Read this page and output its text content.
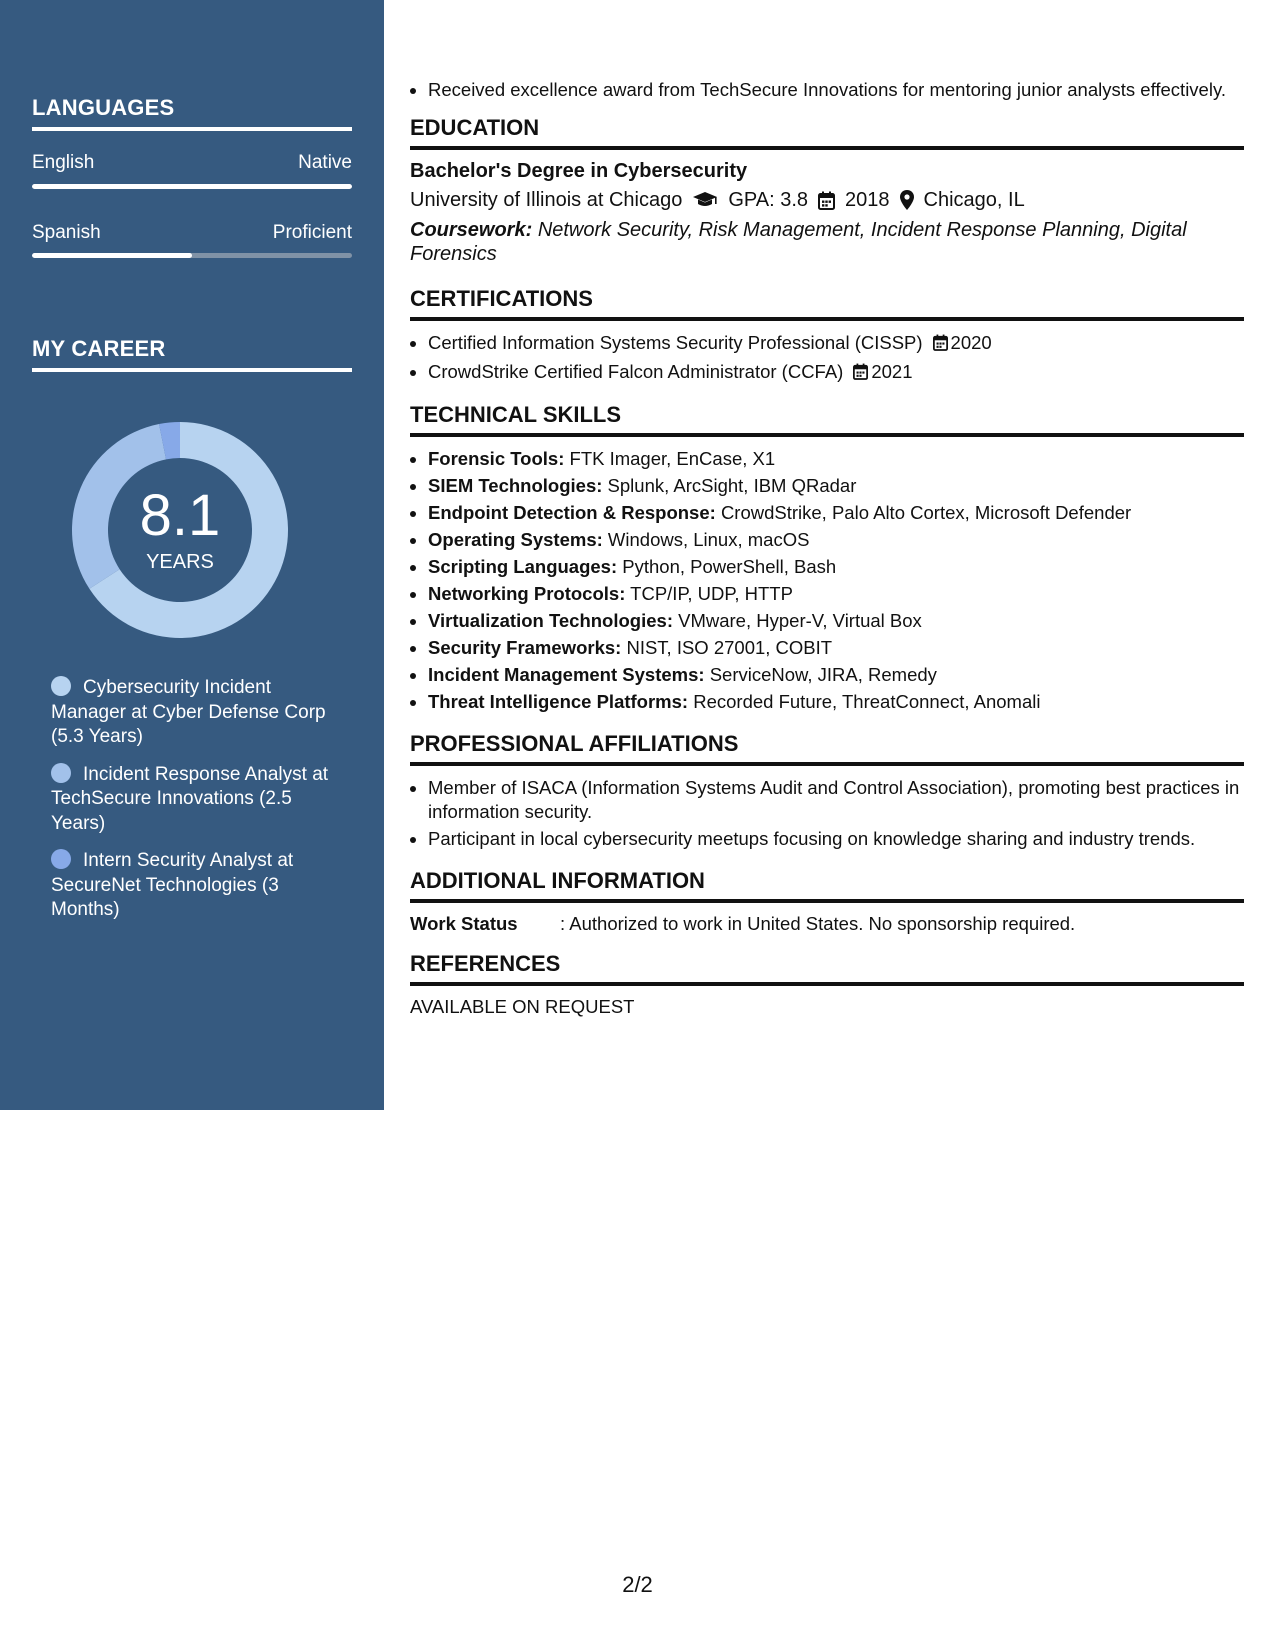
LANGUAGES
English	Native
Spanish	Proficient
MY CAREER
8.1
YEARS
Cybersecurity Incident Manager at Cyber Defense Corp (5.3 Years)
Incident Response Analyst at TechSecure Innovations (2.5 Years)
Intern Security Analyst at SecureNet Technologies (3 Months)
• Received excellence award from TechSecure Innovations for mentoring junior analysts effectively.
EDUCATION
Bachelor's Degree in Cybersecurity
University of Illinois at Chicago GPA: 3.8 2018 Chicago, IL
Coursework: Network Security, Risk Management, Incident Response Planning, Digital Forensics
CERTIFICATIONS
• Certified Information Systems Security Professional (CISSP) 2020
• CrowdStrike Certified Falcon Administrator (CCFA) 2021
TECHNICAL SKILLS
• Forensic Tools: FTK Imager, EnCase, X1
• SIEM Technologies: Splunk, ArcSight, IBM QRadar
• Endpoint Detection & Response: CrowdStrike, Palo Alto Cortex, Microsoft Defender
• Operating Systems: Windows, Linux, macOS
• Scripting Languages: Python, PowerShell, Bash
• Networking Protocols: TCP/IP, UDP, HTTP
• Virtualization Technologies: VMware, Hyper-V, Virtual Box
• Security Frameworks: NIST, ISO 27001, COBIT
• Incident Management Systems: ServiceNow, JIRA, Remedy
• Threat Intelligence Platforms: Recorded Future, ThreatConnect, Anomali
PROFESSIONAL AFFILIATIONS
• Member of ISACA (Information Systems Audit and Control Association), promoting best practices in information security.
• Participant in local cybersecurity meetups focusing on knowledge sharing and industry trends.
ADDITIONAL INFORMATION
Work Status	: Authorized to work in United States. No sponsorship required.
REFERENCES
AVAILABLE ON REQUEST
2/2
